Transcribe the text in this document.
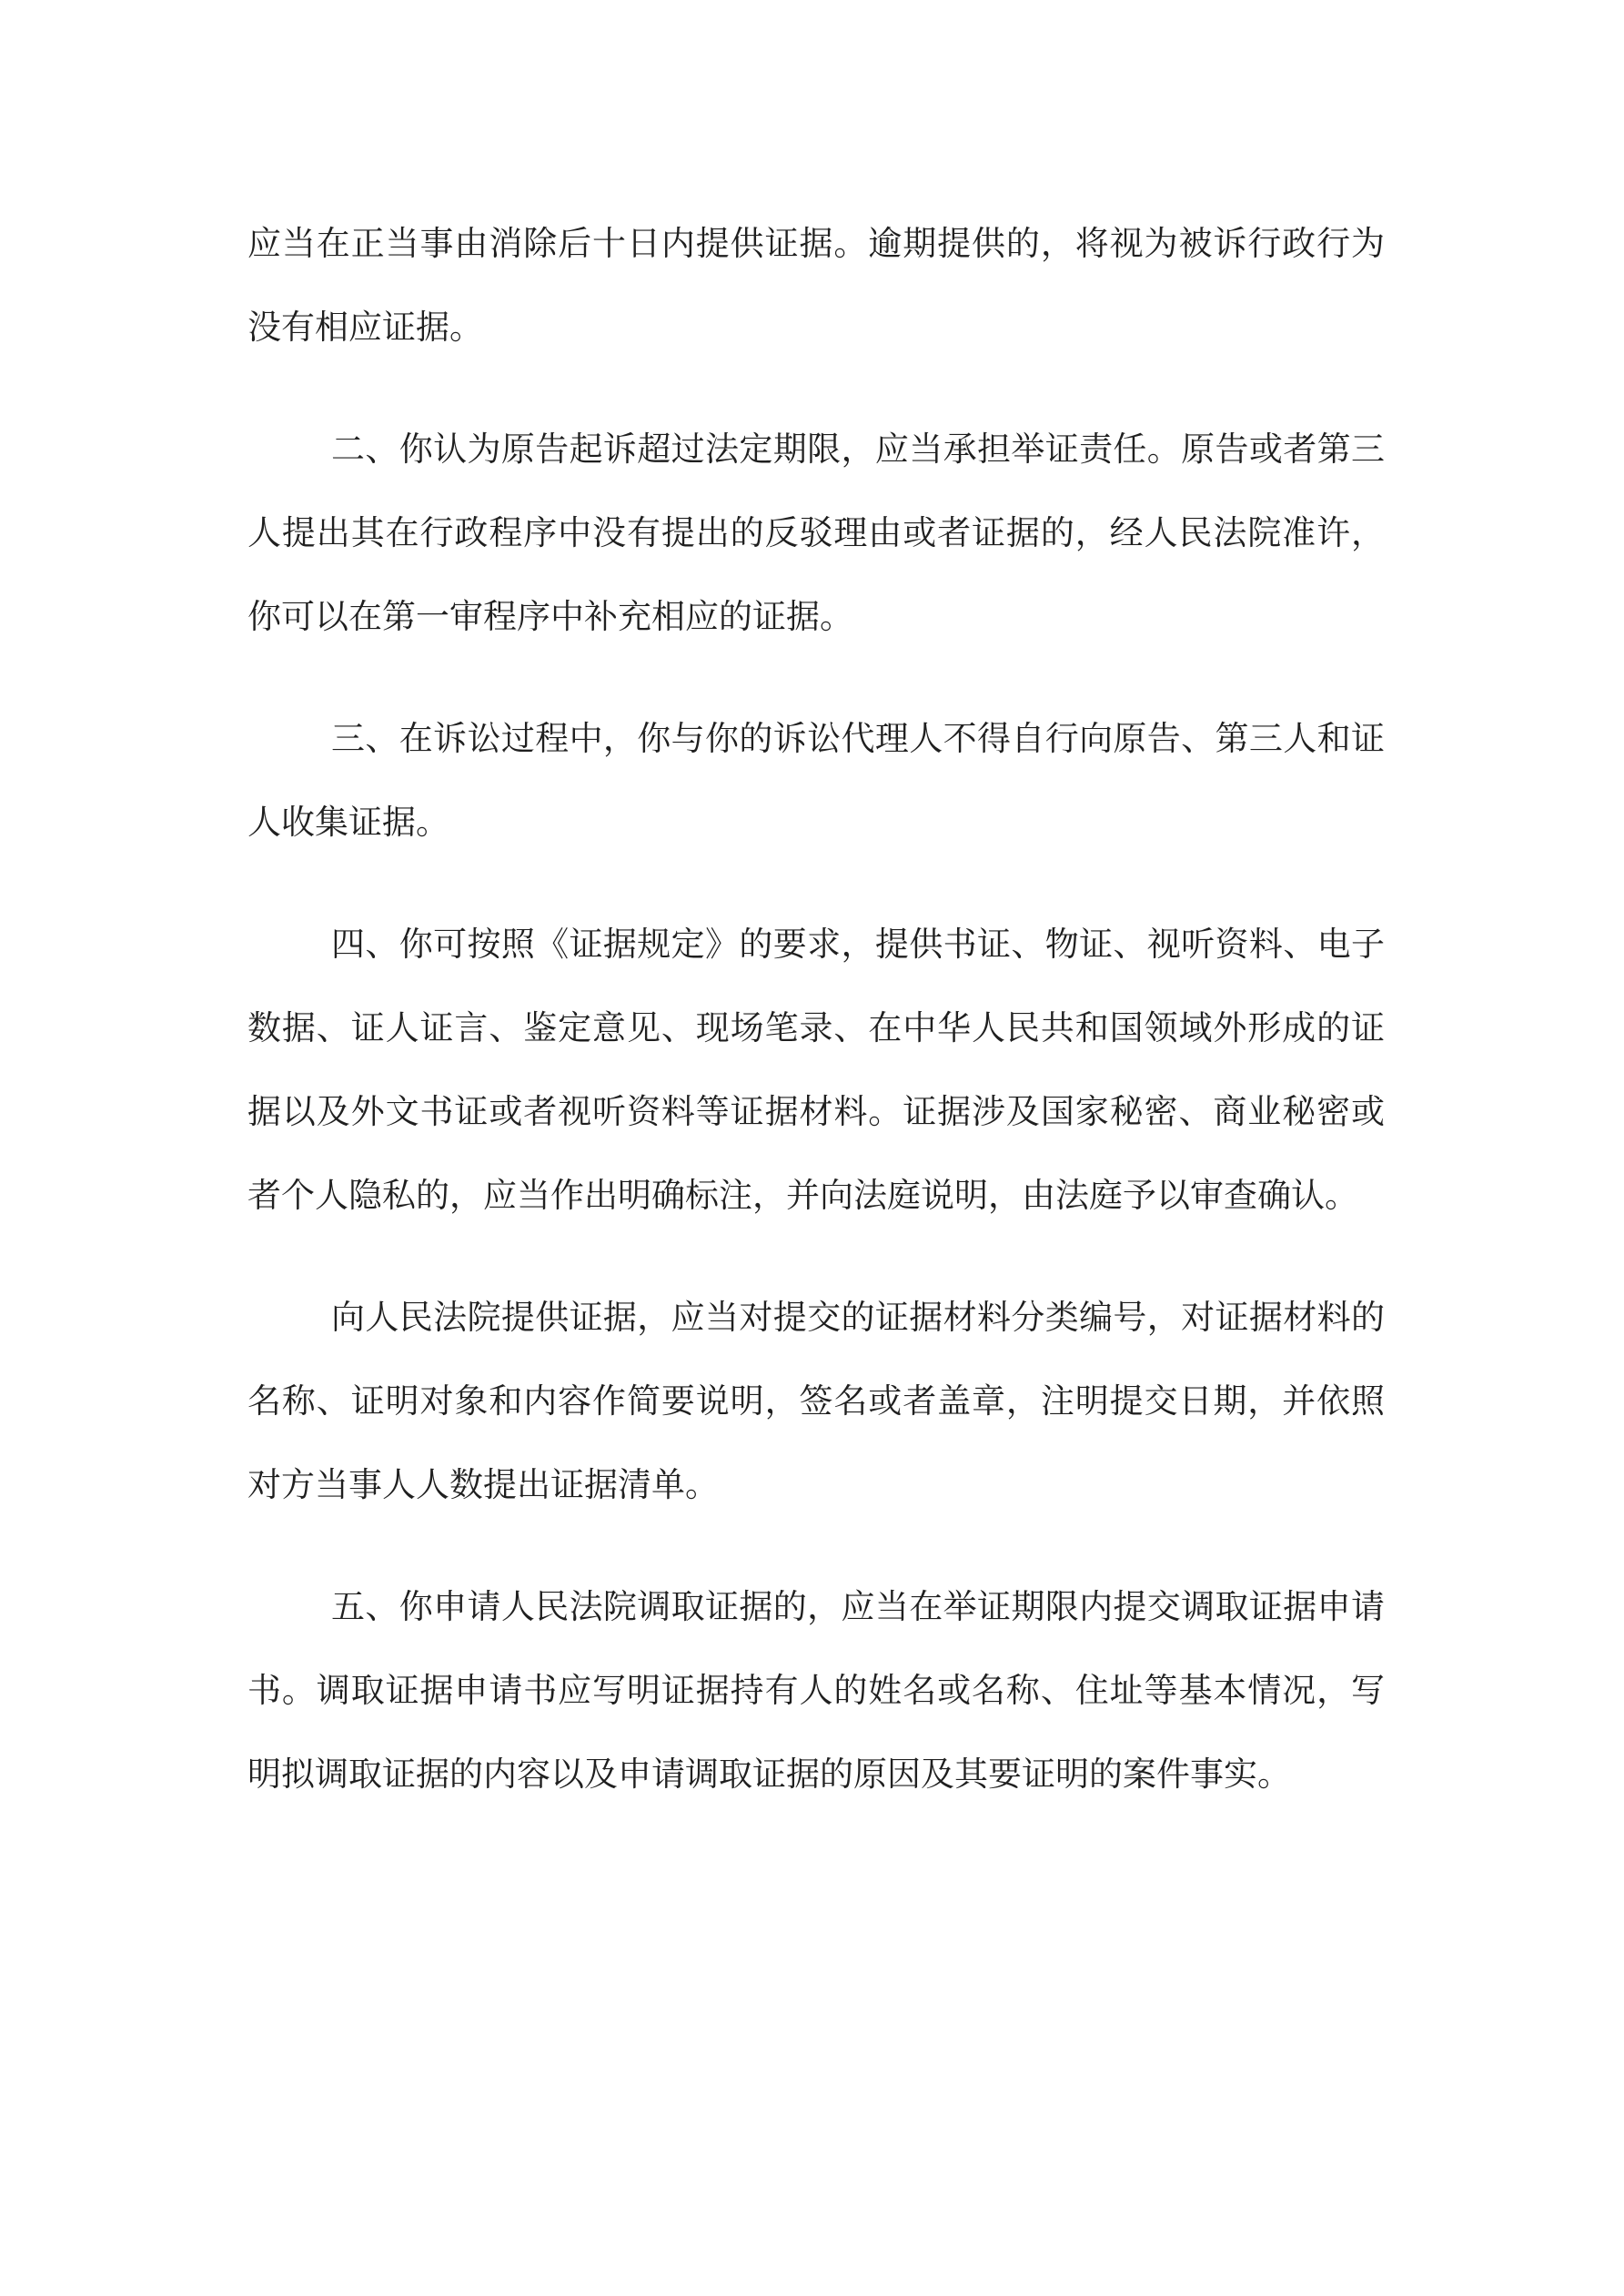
应当在正当事由消除后十日内提供证据。逾期提供的，将视为被诉行政行为没有相应证据。

二、你认为原告起诉超过法定期限，应当承担举证责任。原告或者第三人提出其在行政程序中没有提出的反驳理由或者证据的，经人民法院准许，你可以在第一审程序中补充相应的证据。

三、在诉讼过程中，你与你的诉讼代理人不得自行向原告、第三人和证人收集证据。

四、你可按照《证据规定》的要求，提供书证、物证、视听资料、电子数据、证人证言、鉴定意见、现场笔录、在中华人民共和国领域外形成的证据以及外文书证或者视听资料等证据材料。证据涉及国家秘密、商业秘密或者个人隐私的，应当作出明确标注，并向法庭说明，由法庭予以审查确认。

向人民法院提供证据，应当对提交的证据材料分类编号，对证据材料的名称、证明对象和内容作简要说明，签名或者盖章，注明提交日期，并依照对方当事人人数提出证据清单。

五、你申请人民法院调取证据的，应当在举证期限内提交调取证据申请书。调取证据申请书应写明证据持有人的姓名或名称、住址等基本情况，写明拟调取证据的内容以及申请调取证据的原因及其要证明的案件事实。
